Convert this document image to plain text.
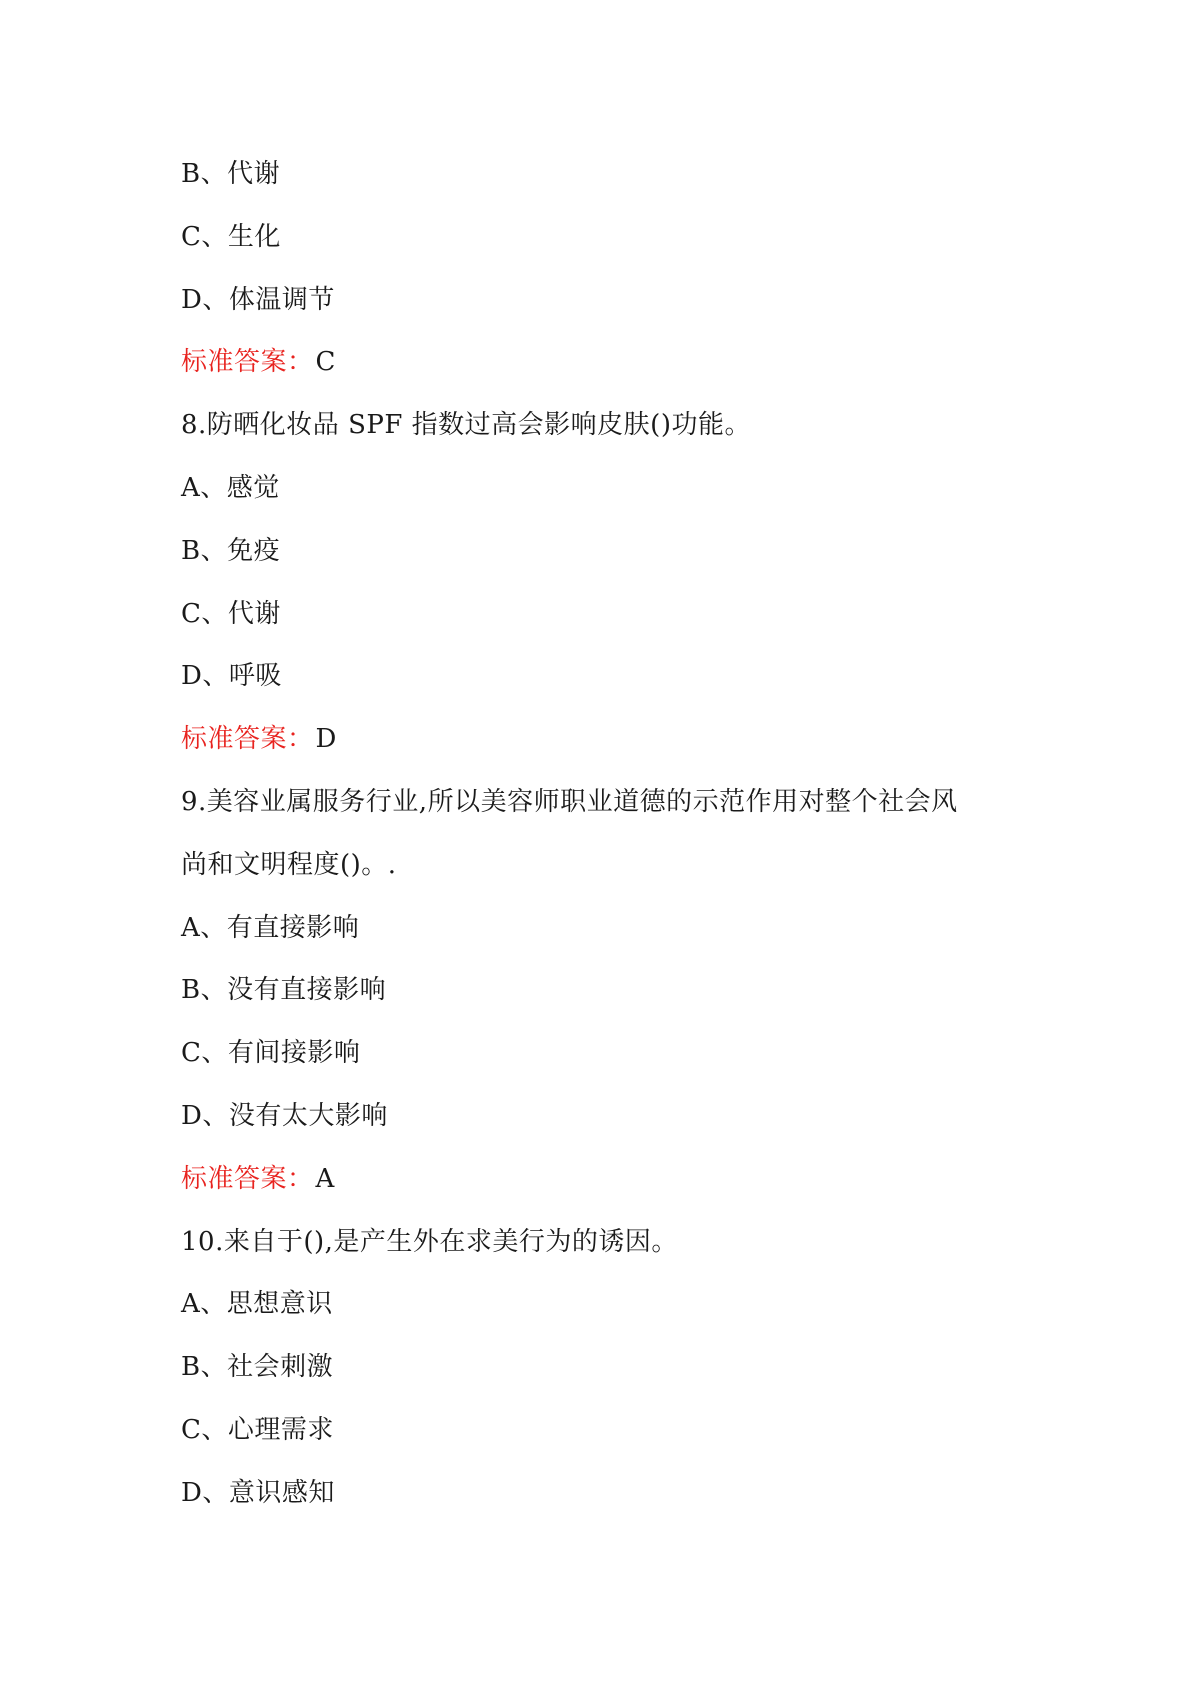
B、代谢
C、生化
D、体温调节
标准答案：C
8.防晒化妆品 SPF 指数过高会影响皮肤()功能。
A、感觉
B、免疫
C、代谢
D、呼吸
标准答案：D
9.美容业属服务行业,所以美容师职业道德的示范作用对整个社会风
尚和文明程度()。.
A、有直接影响
B、没有直接影响
C、有间接影响
D、没有太大影响
标准答案：A
10.来自于(),是产生外在求美行为的诱因。
A、思想意识
B、社会刺激
C、心理需求
D、意识感知
